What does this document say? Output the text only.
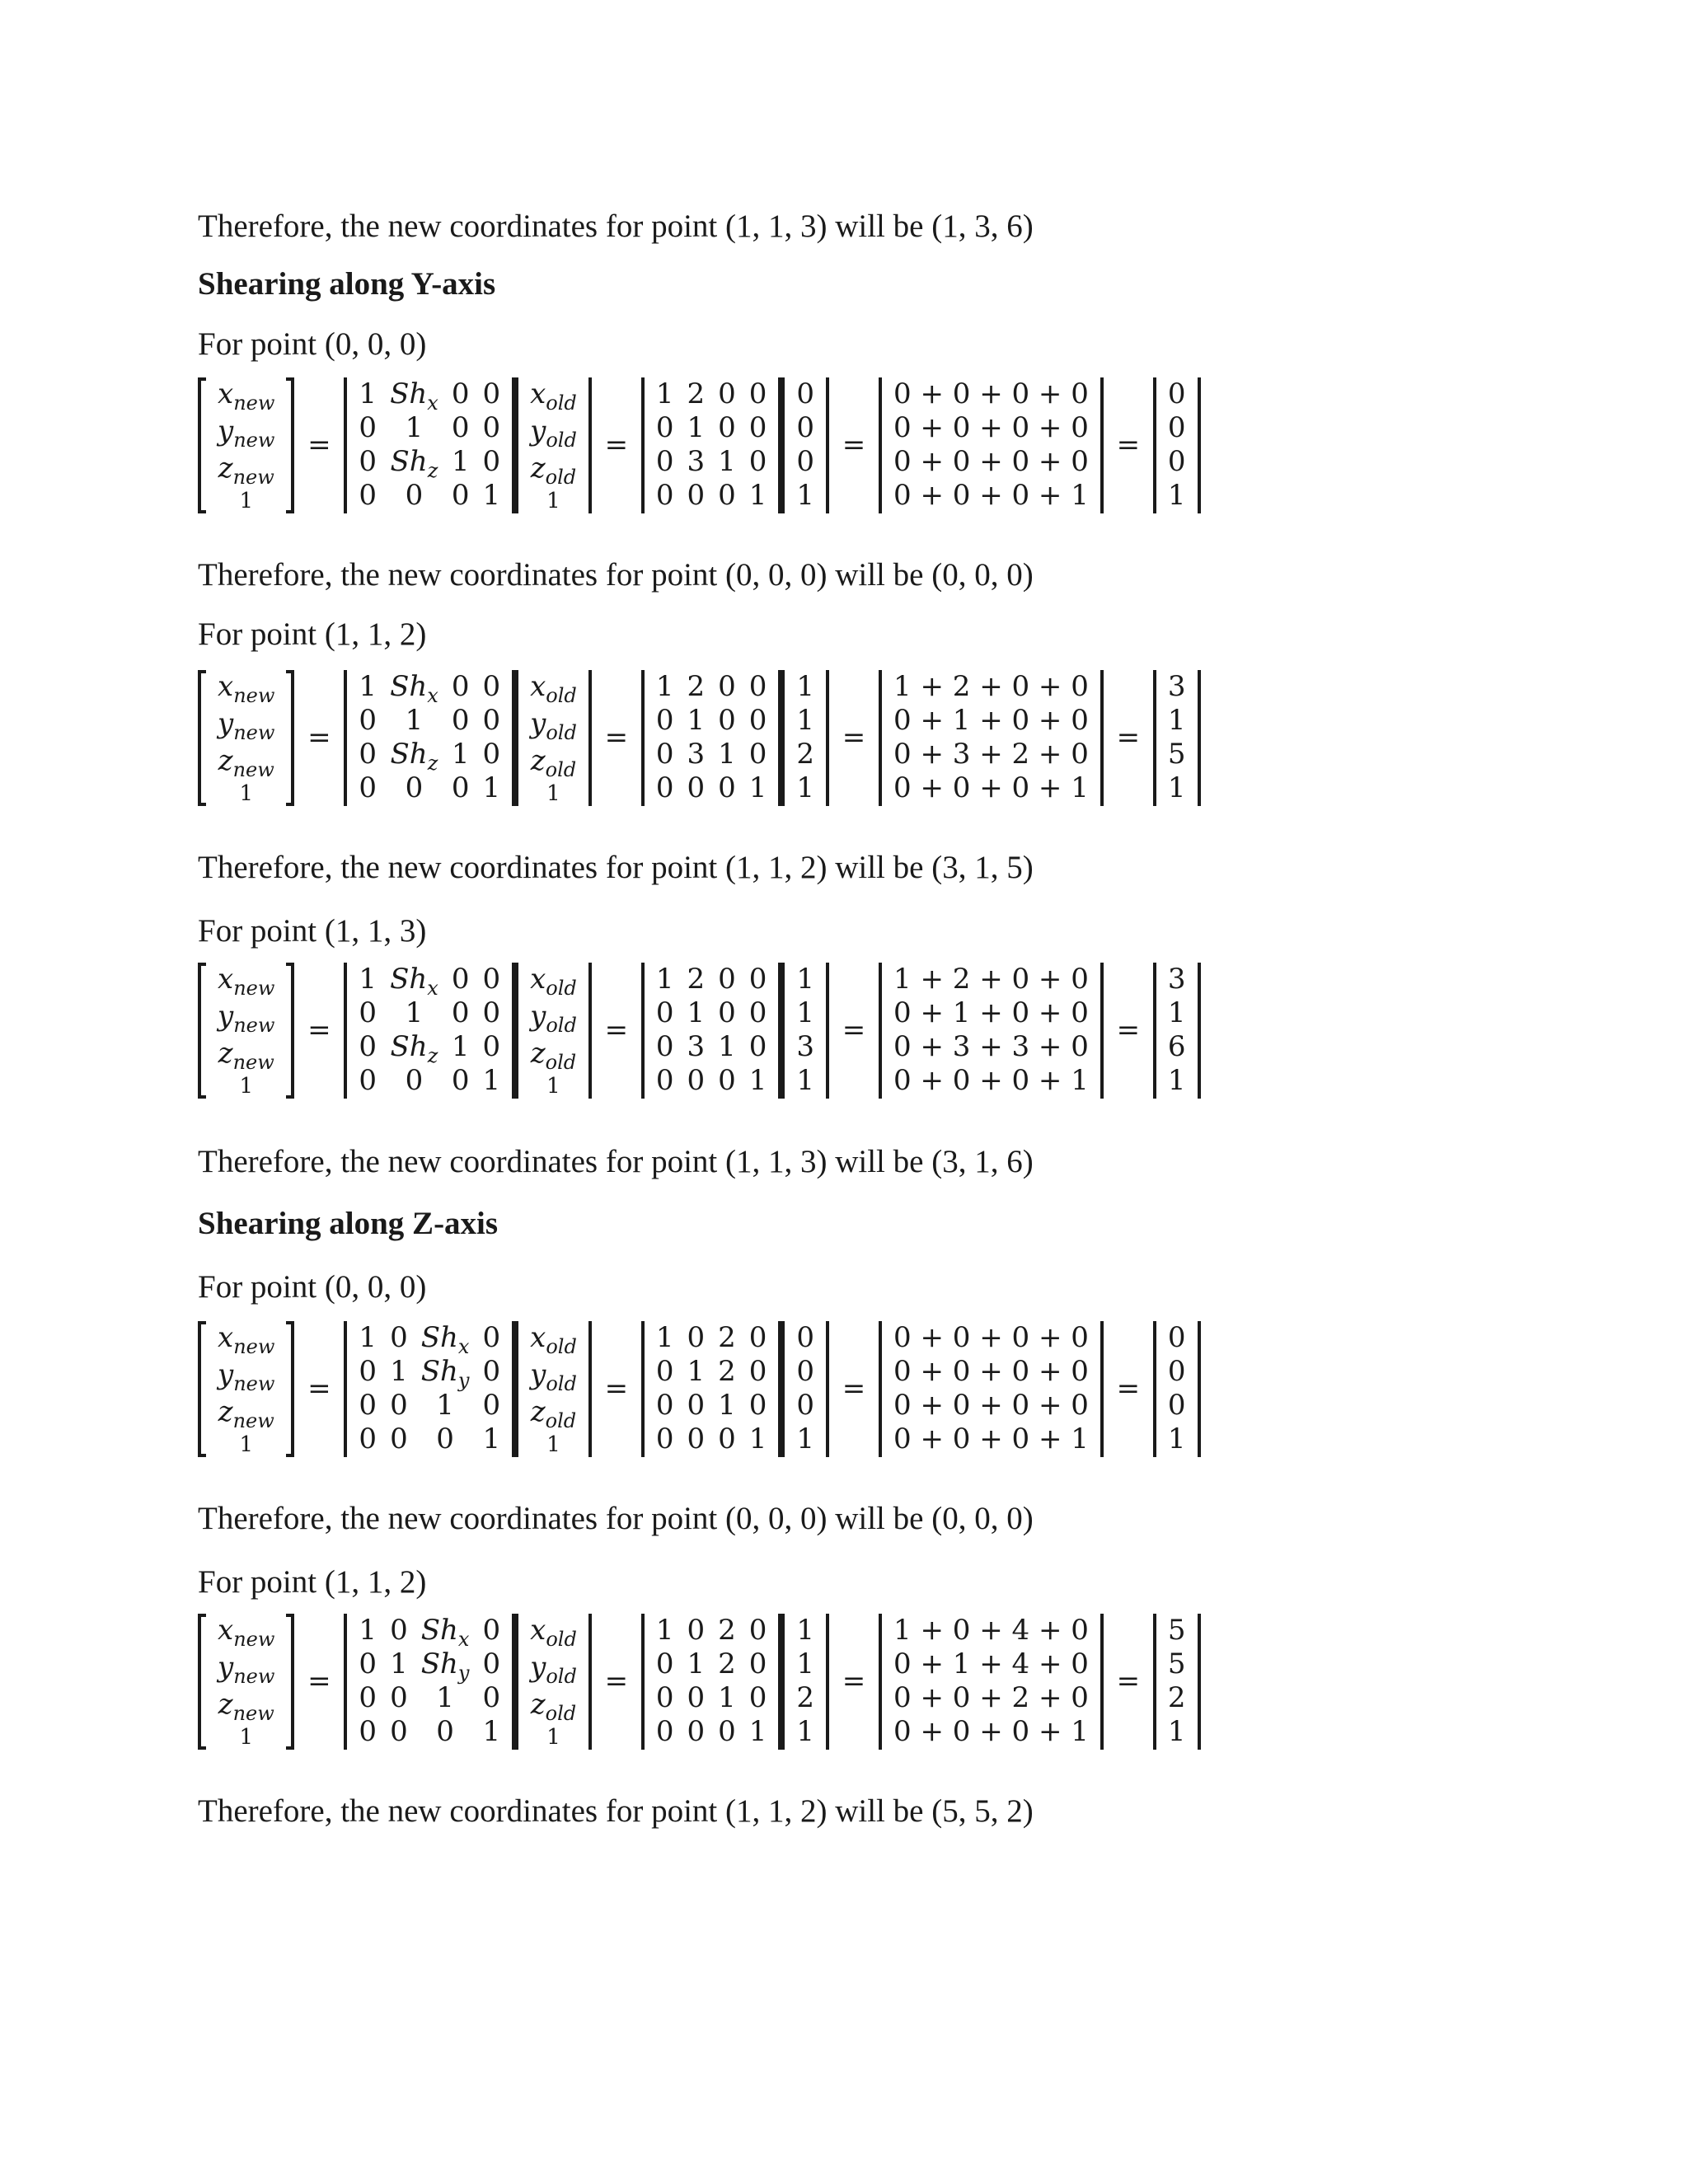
Therefore, the new coordinates for point (1, 1, 3) will be (1, 3, 6)
Shearing along Y-axis
For point (0, 0, 0)
$x_{new}$
$y_{new}$
$z_{new}$
1
=
1 $Sh_x$ 0 0
0	1	0 0
0 $Sh_z$ 1 0
0	0	0 1
$x_{old}$
$y_{old}$
$z_{old}$
1
=
1 2 0 0
0 1 0 0
0 3 1 0
0 0 0 1
0
0
0
1
=
0 + 0 + 0 + 0
0 + 0 + 0 + 0
0 + 0 + 0 + 0
0 + 0 + 0 + 1
=
0
0
0
1
Therefore, the new coordinates for point (0, 0, 0) will be (0, 0, 0)
For point (1, 1, 2)
$x_{new}$
$y_{new}$
$z_{new}$
1
=
1 $Sh_x$ 0 0
0	1	0 0
0 $Sh_z$ 1 0
0	0	0 1
$x_{old}$
$y_{old}$
$z_{old}$
1
=
1 2 0 0
0 1 0 0
0 3 1 0
0 0 0 1
1
1
2
1
=
1 + 2 + 0 + 0
0 + 1 + 0 + 0
0 + 3 + 2 + 0
0 + 0 + 0 + 1
=
3
1
5
1
Therefore, the new coordinates for point (1, 1, 2) will be (3, 1, 5)
For point (1, 1, 3)
$x_{new}$
$y_{new}$
$z_{new}$
1
=
1 $Sh_x$ 0 0
0	1	0 0
0 $Sh_z$ 1 0
0	0	0 1
$x_{old}$
$y_{old}$
$z_{old}$
1
=
1 2 0 0
0 1 0 0
0 3 1 0
0 0 0 1
1
1
3
1
=
1 + 2 + 0 + 0
0 + 1 + 0 + 0
0 + 3 + 3 + 0
0 + 0 + 0 + 1
=
3
1
6
1
Therefore, the new coordinates for point (1, 1, 3) will be (3, 1, 6)
Shearing along Z-axis
For point (0, 0, 0)
$x_{new}$
$y_{new}$
$z_{new}$
1
=
1 0 $Sh_x$ 0
0 1 $Sh_y$ 0
0 0	1	0
0 0	0	1
$x_{old}$
$y_{old}$
$z_{old}$
1
=
1 0 2 0
0 1 2 0
0 0 1 0
0 0 0 1
0
0
0
1
=
0 + 0 + 0 + 0
0 + 0 + 0 + 0
0 + 0 + 0 + 0
0 + 0 + 0 + 1
=
0
0
0
1
Therefore, the new coordinates for point (0, 0, 0) will be (0, 0, 0)
For point (1, 1, 2)
$x_{new}$
$y_{new}$
$z_{new}$
1
=
1 0 $Sh_x$ 0
0 1 $Sh_y$ 0
0 0	1	0
0 0	0	1
$x_{old}$
$y_{old}$
$z_{old}$
1
=
1 0 2 0
0 1 2 0
0 0 1 0
0 0 0 1
1
1
2
1
=
1 + 0 + 4 + 0
0 + 1 + 4 + 0
0 + 0 + 2 + 0
0 + 0 + 0 + 1
=
5
5
2
1
Therefore, the new coordinates for point (1, 1, 2) will be (5, 5, 2)
